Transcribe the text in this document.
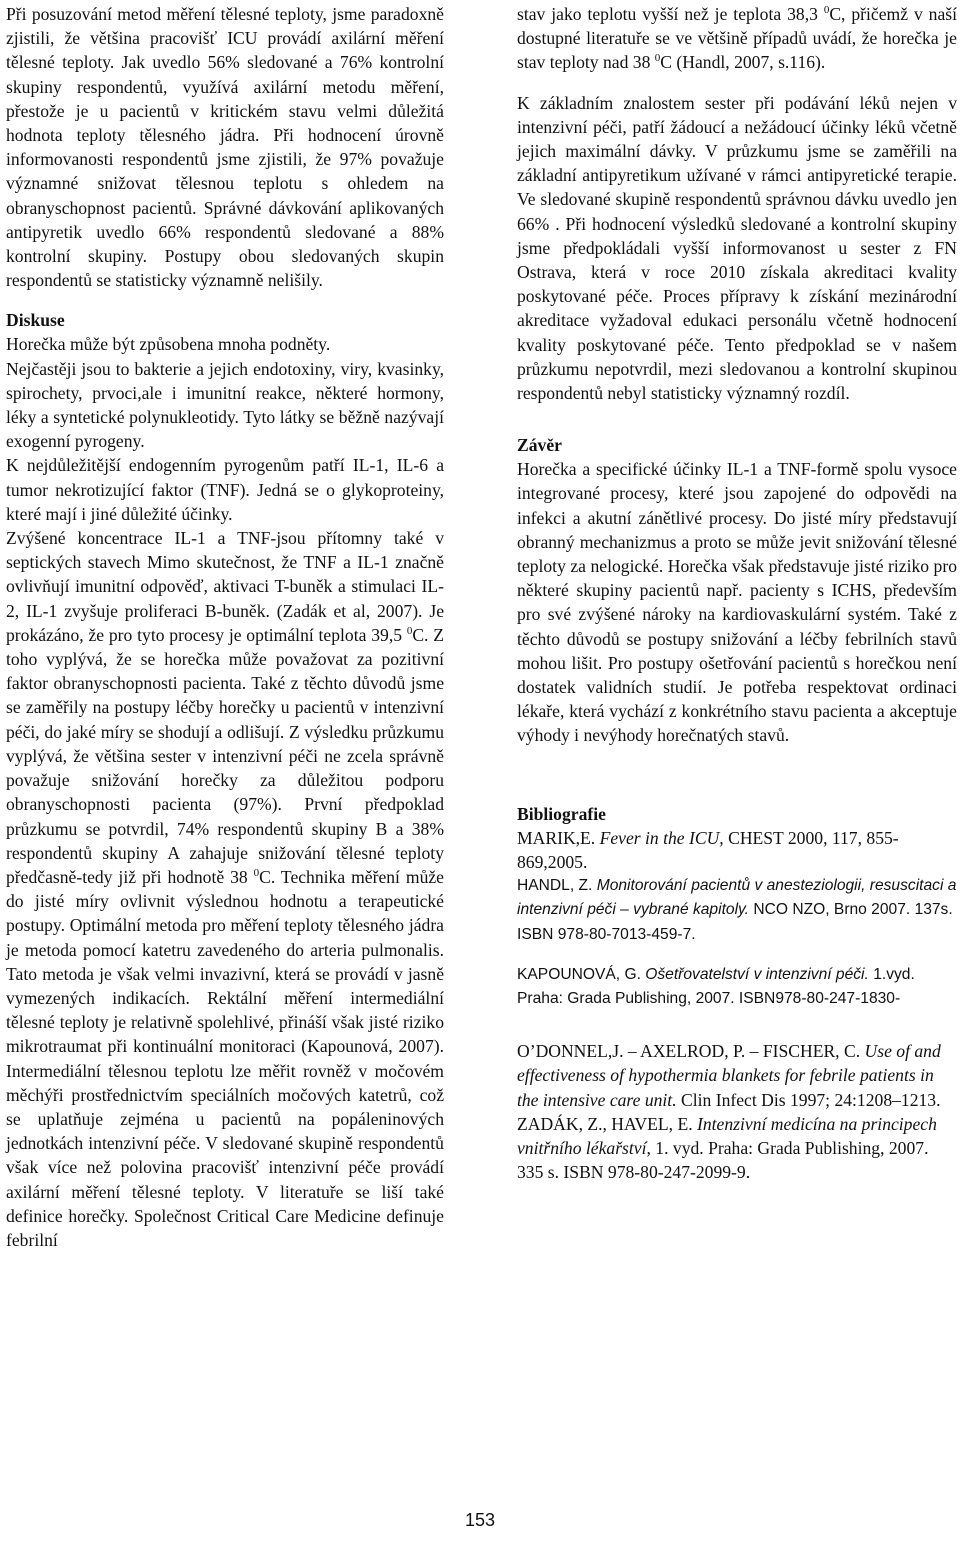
Při posuzování metod měření tělesné teploty, jsme paradoxně zjistili, že většina pracovišť ICU provádí axilární měření tělesné teploty. Jak uvedlo 56% sledované a 76% kontrolní skupiny respondentů, využívá axilární metodu měření, přestože je u pacientů v kritickém stavu velmi důležitá hodnota teploty tělesného jádra. Při hodnocení úrovně informovanosti respondentů jsme zjistili, že 97% považuje významné snižovat tělesnou teplotu s ohledem na obranyschopnost pacientů. Správné dávkování aplikovaných antipyretik uvedlo 66% respondentů sledované a 88% kontrolní skupiny. Postupy obou sledovaných skupin respondentů se statisticky významně nelišily.

Diskuse

Horečka může být způsobena mnoha podněty.

Nejčastěji jsou to bakterie a jejich endotoxiny, viry, kvasinky, spirochety, prvoci,ale i imunitní reakce, některé hormony, léky a syntetické polynukleotidy. Tyto látky se běžně nazývají exogenní pyrogeny.

K nejdůležitější endogenním pyrogenům patří IL-1, IL-6 a tumor nekrotizující faktor (TNF). Jedná se o glykoproteiny, které mají i jiné důležité účinky.

Zvýšené koncentrace IL-1 a TNF-jsou přítomny také v septických stavech Mimo skutečnost, že TNF a IL-1 značně ovlivňují imunitní odpověď, aktivaci T-buněk a stimulaci IL-2, IL-1 zvyšuje proliferaci B-buněk. (Zadák et al, 2007). Je prokázáno, že pro tyto procesy je optimální teplota 39,5 $^0$C. Z toho vyplývá, že se horečka může považovat za pozitivní faktor obranyschopnosti pacienta. Také z těchto důvodů jsme se zaměřily na postupy léčby horečky u pacientů v intenzivní péči, do jaké míry se shodují a odlišují. Z výsledku průzkumu vyplývá, že většina sester v intenzivní péči ne zcela správně považuje snižování horečky za důležitou podporu obranyschopnosti pacienta (97%). První předpoklad průzkumu se potvrdil, 74% respondentů skupiny B a 38% respondentů skupiny A zahajuje snižování tělesné teploty předčasně-tedy již při hodnotě 38 $^0$C. Technika měření může do jisté míry ovlivnit výslednou hodnotu a terapeutické postupy. Optimální metoda pro měření teploty tělesného jádra je metoda pomocí katetru zavedeného do arteria pulmonalis. Tato metoda je však velmi invazivní, která se provádí v jasně vymezených indikacích. Rektální měření intermediální tělesné teploty je relativně spolehlivé, přináší však jisté riziko mikrotraumat při kontinuální monitoraci (Kapounová, 2007). Intermediální tělesnou teplotu lze měřit rovněž v močovém měchýři prostřednictvím speciálních močových katetrů, což se uplatňuje zejména u pacientů na popáleninových jednotkách intenzivní péče. V sledované skupině respondentů však více než polovina pracovišť intenzivní péče provádí axilární měření tělesné teploty. V literatuře se liší také definice horečky. Společnost Critical Care Medicine definuje febrilní

stav jako teplotu vyšší než je teplota 38,3 $^0$C, přičemž v naší dostupné literatuře se ve většině případů uvádí, že horečka je stav teploty nad 38 $^0$C (Handl, 2007, s.116).

K základním znalostem sester při podávání léků nejen v intenzivní péči, patří žádoucí a nežádoucí účinky léků včetně jejich maximální dávky. V průzkumu jsme se zaměřili na základní antipyretikum užívané v rámci antipyretické terapie. Ve sledované skupině respondentů správnou dávku uvedlo jen 66% . Při hodnocení výsledků sledované a kontrolní skupiny jsme předpokládali vyšší informovanost u sester z FN Ostrava, která v roce 2010 získala akreditaci kvality poskytované péče. Proces přípravy k získání mezinárodní akreditace vyžadoval edukaci personálu včetně hodnocení kvality poskytované péče. Tento předpoklad se v našem průzkumu nepotvrdil, mezi sledovanou a kontrolní skupinou respondentů nebyl statisticky významný rozdíl.

Závěr

Horečka a specifické účinky IL-1 a TNF-formě spolu vysoce integrované procesy, které jsou zapojené do odpovědi na infekci a akutní zánětlivé procesy. Do jisté míry představují obranný mechanizmus a proto se může jevit snižování tělesné teploty za nelogické. Horečka však představuje jisté riziko pro některé skupiny pacientů např. pacienty s ICHS, především pro své zvýšené nároky na kardiovaskulární systém. Také z těchto důvodů se postupy snižování a léčby febrilních stavů mohou lišit. Pro postupy ošetřování pacientů s horečkou není dostatek validních studií. Je potřeba respektovat ordinaci lékaře, která vychází z konkrétního stavu pacienta a akceptuje výhody i nevýhody horečnatých stavů.

Bibliografie

MARIK,E. Fever in the ICU, CHEST 2000, 117, 855-869,2005.

HANDL, Z. Monitorování pacientů v anesteziologii, resuscitaci a intenzivní péči – vybrané kapitoly. NCO NZO, Brno 2007. 137s. ISBN 978-80-7013-459-7.

KAPOUNOVÁ, G. Ošetřovatelství v intenzivní péči. 1.vyd. Praha: Grada Publishing, 2007. ISBN978-80-247-1830-

O’DONNEL,J. – AXELROD, P. – FISCHER, C. Use of and effectiveness of hypothermia blankets for febrile patients in the intensive care unit. Clin Infect Dis 1997; 24:1208–1213.

ZADÁK, Z., HAVEL, E. Intenzivní medicína na principech vnitřního lékařství, 1. vyd. Praha: Grada Publishing, 2007. 335 s. ISBN 978-80-247-2099-9.

153
